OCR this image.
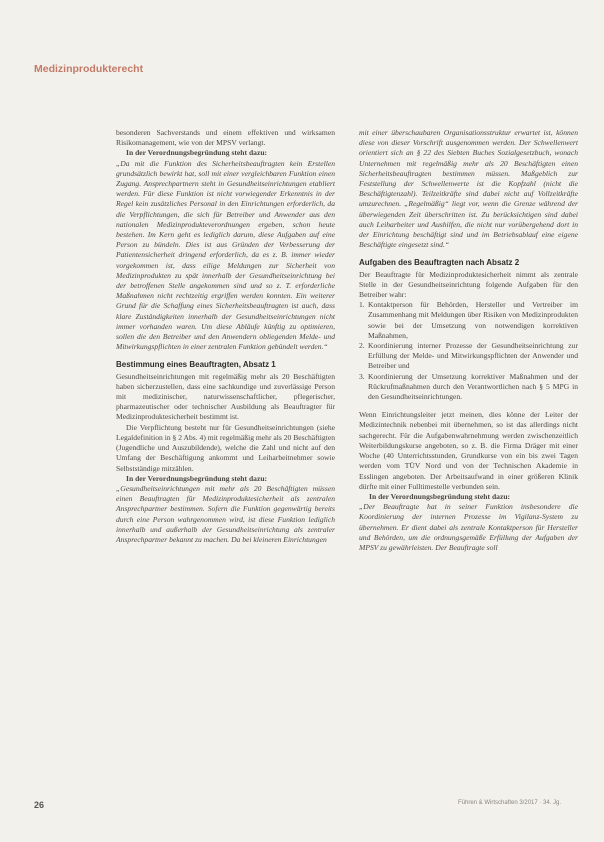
Medizinprodukterecht

besonderen Sachverstands und einem effektiven und wirksamen Risikomanagement, wie von der MPSV verlangt.

In der Verordnungsbegründung steht dazu:

„Da mit die Funktion des Sicherheitsbeauftragten kein Erstellen grundsätzlich bewirkt hat, soll mit einer vergleichbaren Funktion einen Zugang. Ansprechpartnern steht in Gesundheitseinrichtungen etabliert werden. Für diese Funktion ist nicht vorwiegender Erkenntnis in der Regel kein zusätzliches Personal in den Einrichtungen erforderlich, da die Verpflichtungen, die sich für Betreiber und Anwender aus den nationalen Medizinprodukteverordnungen ergeben, schon heute bestehen. Im Kern geht es lediglich darum, diese Aufgaben auf eine Person zu bündeln. Dies ist aus Gründen der Verbesserung der Patientensicherheit dringend erforderlich, da es z. B. immer wieder vorgekommen ist, dass eilige Meldungen zur Sicherheit von Medizinprodukten zu spät innerhalb der Gesundheitseinrichtung bei der betroffenen Stelle angekommen sind und so z. T. erforderliche Maßnahmen nicht rechtzeitig ergriffen werden konnten. Ein weiterer Grund für die Schaffung eines Sicherheitsbeauftragten ist auch, dass klare Zuständigkeiten innerhalb der Gesundheitseinrichtungen nicht immer vorhanden waren. Um diese Abläufe künftig zu optimieren, sollen die den Betreiber und den Anwendern obliegenden Melde- und Mitwirkungspflichten in einer zentralen Funktion gebündelt werden.“

Bestimmung eines Beauftragten, Absatz 1

Gesundheitseinrichtungen mit regelmäßig mehr als 20 Beschäftigten haben sicherzustellen, dass eine sachkundige und zuverlässige Person mit medizinischer, naturwissenschaftlicher, pflegerischer, pharmazeutischer oder technischer Ausbildung als Beauftragter für Medizinproduktesicherheit bestimmt ist.

Die Verpflichtung besteht nur für Gesundheitseinrichtungen (siehe Legaldefinition in § 2 Abs. 4) mit regelmäßig mehr als 20 Beschäftigten (Jugendliche und Auszubildende), welche die Zahl und nicht auf den Umfang der Beschäftigung ankommt und Leiharbeitnehmer sowie Selbstständige mitzählen.

In der Verordnungsbegründung steht dazu:

„Gesundheitseinrichtungen mit mehr als 20 Beschäftigten müssen einen Beauftragten für Medizinproduktesicherheit als zentralen Ansprechpartner bestimmen. Sofern die Funktion gegenwärtig bereits durch eine Person wahrgenommen wird, ist diese Funktion lediglich innerhalb und außerhalb der Gesundheitseinrichtung als zentraler Ansprechpartner bekannt zu machen. Da bei kleineren Einrichtungen

mit einer überschaubaren Organisationsstruktur erwartet ist, können diese von dieser Vorschrift ausgenommen werden. Der Schwellenwert orientiert sich an § 22 des Siebten Buches Sozialgesetzbuch, wonach Unternehmen mit regelmäßig mehr als 20 Beschäftigten einen Sicherheitsbeauftragten bestimmen müssen. Maßgeblich zur Feststellung der Schwellenwerte ist die Kopfzahl (nicht die Beschäftigtenzahl). Teilzeitkräfte sind dabei nicht auf Vollzeitkräfte umzurechnen. „Regelmäßig“ liegt vor, wenn die Grenze während der überwiegenden Zeit überschritten ist. Zu berücksichtigen sind dabei auch Leiharbeiter und Aushilfen, die nicht nur vorübergehend dort in der Einrichtung beschäftigt sind und im Betriebsablauf eine eigene Beschäftigte eingesetzt sind.“

Aufgaben des Beauftragten nach Absatz 2

Der Beauftragte für Medizinproduktesicherheit nimmt als zentrale Stelle in der Gesundheitseinrichtung folgende Aufgaben für den Betreiber wahr:

1. Kontaktperson für Behörden, Hersteller und Vertreiber im Zusammenhang mit Meldungen über Risiken von Medizinprodukten sowie bei der Umsetzung von notwendigen korrektiven Maßnahmen,
2. Koordinierung interner Prozesse der Gesundheitseinrichtung zur Erfüllung der Melde- und Mitwirkungspflichten der Anwender und Betreiber und
3. Koordinierung der Umsetzung korrektiver Maßnahmen und der Rückrufmaßnahmen durch den Verantwortlichen nach § 5 MPG in den Gesundheitseinrichtungen.

Wenn Einrichtungsleiter jetzt meinen, dies könne der Leiter der Medizintechnik nebenbei mit übernehmen, so ist das allerdings nicht sachgerecht. Für die Aufgabenwahrnehmung werden zwischenzeitlich Weiterbildungskurse angeboten, so z. B. die Firma Dräger mit einer Woche (40 Unterrichtsstunden, Grundkurse von ein bis zwei Tagen werden vom TÜV Nord und von der Technischen Akademie in Esslingen angeboten. Der Arbeitsaufwand in einer größeren Klinik dürfte mit einer Fulltimestelle verbunden sein.

In der Verordnungsbegründung steht dazu:

„Der Beauftragte hat in seiner Funktion insbesondere die Koordinierung der internen Prozesse im Vigilanz-System zu übernehmen. Er dient dabei als zentrale Kontaktperson für Hersteller und Behörden, um die ordnungsgemäße Erfüllung der Aufgaben der MPSV zu gewährleisten. Der Beauftragte soll

26	Führen & Wirtschaften 3/2017 · 34. Jg.
